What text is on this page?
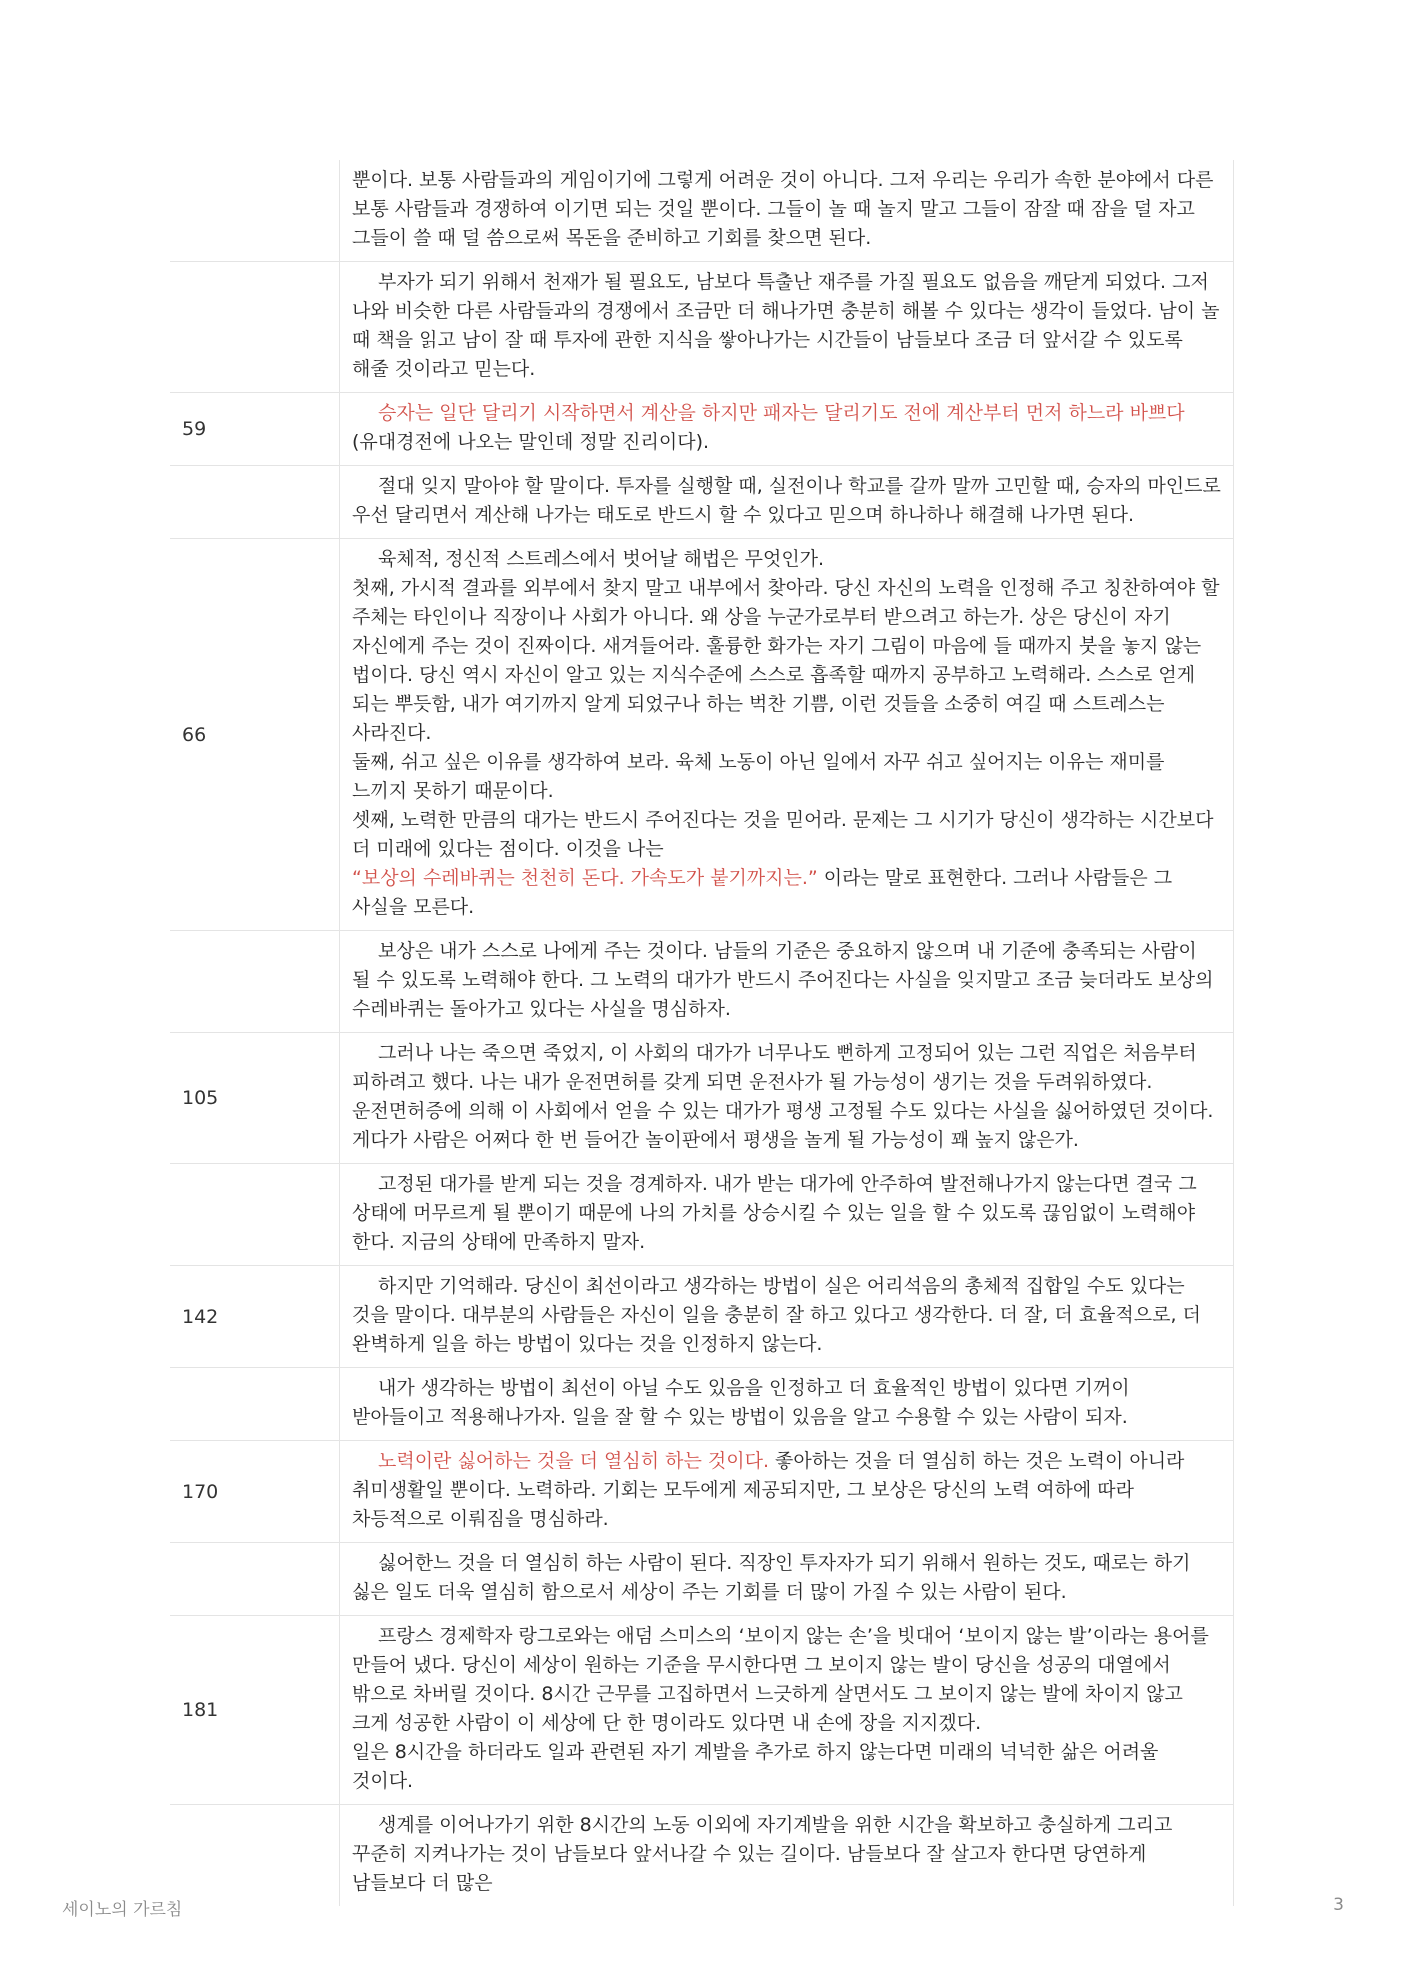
뿐이다. 보통 사람들과의 게임이기에 그렇게 어려운 것이 아니다. 그저 우리는 우리가 속한 분야에서 다른 보통 사람들과 경쟁하여 이기면 되는 것일 뿐이다. 그들이 놀 때 놀지 말고 그들이 잠잘 때 잠을 덜 자고 그들이 쓸 때 덜 씀으로써 목돈을 준비하고 기회를 찾으면 된다.

부자가 되기 위해서 천재가 될 필요도, 남보다 특출난 재주를 가질 필요도 없음을 깨닫게 되었다. 그저 나와 비슷한 다른 사람들과의 경쟁에서 조금만 더 해나가면 충분히 해볼 수 있다는 생각이 들었다. 남이 놀 때 책을 읽고 남이 잘 때 투자에 관한 지식을 쌓아나가는 시간들이 남들보다 조금 더 앞서갈 수 있도록 해줄 것이라고 믿는다.

59

승자는 일단 달리기 시작하면서 계산을 하지만 패자는 달리기도 전에 계산부터 먼저 하느라 바쁘다(유대경전에 나오는 말인데 정말 진리이다).

절대 잊지 말아야 할 말이다. 투자를 실행할 때, 실전이나 학교를 갈까 말까 고민할 때, 승자의 마인드로 우선 달리면서 계산해 나가는 태도로 반드시 할 수 있다고 믿으며 하나하나 해결해 나가면 된다.

66

육체적, 정신적 스트레스에서 벗어날 해법은 무엇인가.

첫째, 가시적 결과를 외부에서 찾지 말고 내부에서 찾아라. 당신 자신의 노력을 인정해 주고 칭찬하여야 할 주체는 타인이나 직장이나 사회가 아니다. 왜 상을 누군가로부터 받으려고 하는가. 상은 당신이 자기 자신에게 주는 것이 진짜이다. 새겨들어라. 훌륭한 화가는 자기 그림이 마음에 들 때까지 붓을 놓지 않는 법이다. 당신 역시 자신이 알고 있는 지식수준에 스스로 흡족할 때까지 공부하고 노력해라. 스스로 얻게 되는 뿌듯함, 내가 여기까지 알게 되었구나 하는 벅찬 기쁨, 이런 것들을 소중히 여길 때 스트레스는 사라진다.

둘째, 쉬고 싶은 이유를 생각하여 보라. 육체 노동이 아닌 일에서 자꾸 쉬고 싶어지는 이유는 재미를 느끼지 못하기 때문이다.

셋째, 노력한 만큼의 대가는 반드시 주어진다는 것을 믿어라. 문제는 그 시기가 당신이 생각하는 시간보다 더 미래에 있다는 점이다. 이것을 나는

“보상의 수레바퀴는 천천히 돈다. 가속도가 붙기까지는.” 이라는 말로 표현한다. 그러나 사람들은 그 사실을 모른다.

보상은 내가 스스로 나에게 주는 것이다. 남들의 기준은 중요하지 않으며 내 기준에 충족되는 사람이 될 수 있도록 노력해야 한다. 그 노력의 대가가 반드시 주어진다는 사실을 잊지말고 조금 늦더라도 보상의 수레바퀴는 돌아가고 있다는 사실을 명심하자.

105

그러나 나는 죽으면 죽었지, 이 사회의 대가가 너무나도 뻔하게 고정되어 있는 그런 직업은 처음부터 피하려고 했다. 나는 내가 운전면허를 갖게 되면 운전사가 될 가능성이 생기는 것을 두려워하였다. 운전면허증에 의해 이 사회에서 얻을 수 있는 대가가 평생 고정될 수도 있다는 사실을 싫어하였던 것이다. 게다가 사람은 어쩌다 한 번 들어간 놀이판에서 평생을 놀게 될 가능성이 꽤 높지 않은가.

고정된 대가를 받게 되는 것을 경계하자. 내가 받는 대가에 안주하여 발전해나가지 않는다면 결국 그 상태에 머무르게 될 뿐이기 때문에 나의 가치를 상승시킬 수 있는 일을 할 수 있도록 끊임없이 노력해야 한다. 지금의 상태에 만족하지 말자.

142

하지만 기억해라. 당신이 최선이라고 생각하는 방법이 실은 어리석음의 총체적 집합일 수도 있다는 것을 말이다. 대부분의 사람들은 자신이 일을 충분히 잘 하고 있다고 생각한다. 더 잘, 더 효율적으로, 더 완벽하게 일을 하는 방법이 있다는 것을 인정하지 않는다.

내가 생각하는 방법이 최선이 아닐 수도 있음을 인정하고 더 효율적인 방법이 있다면 기꺼이 받아들이고 적용해나가자. 일을 잘 할 수 있는 방법이 있음을 알고 수용할 수 있는 사람이 되자.

170

노력이란 싫어하는 것을 더 열심히 하는 것이다. 좋아하는 것을 더 열심히 하는 것은 노력이 아니라 취미생활일 뿐이다. 노력하라. 기회는 모두에게 제공되지만, 그 보상은 당신의 노력 여하에 따라 차등적으로 이뤄짐을 명심하라.

싫어한느 것을 더 열심히 하는 사람이 된다. 직장인 투자자가 되기 위해서 원하는 것도, 때로는 하기 싫은 일도 더욱 열심히 함으로서 세상이 주는 기회를 더 많이 가질 수 있는 사람이 된다.

181

프랑스 경제학자 랑그로와는 애덤 스미스의 ‘보이지 않는 손’을 빗대어 ‘보이지 않는 발’이라는 용어를 만들어 냈다. 당신이 세상이 원하는 기준을 무시한다면 그 보이지 않는 발이 당신을 성공의 대열에서 밖으로 차버릴 것이다. 8시간 근무를 고집하면서 느긋하게 살면서도 그 보이지 않는 발에 차이지 않고 크게 성공한 사람이 이 세상에 단 한 명이라도 있다면 내 손에 장을 지지겠다.

일은 8시간을 하더라도 일과 관련된 자기 계발을 추가로 하지 않는다면 미래의 넉넉한 삶은 어려울 것이다.

생계를 이어나가기 위한 8시간의 노동 이외에 자기계발을 위한 시간을 확보하고 충실하게 그리고 꾸준히 지켜나가는 것이 남들보다 앞서나갈 수 있는 길이다. 남들보다 잘 살고자 한다면 당연하게 남들보다 더 많은

세이노의 가르침	3
